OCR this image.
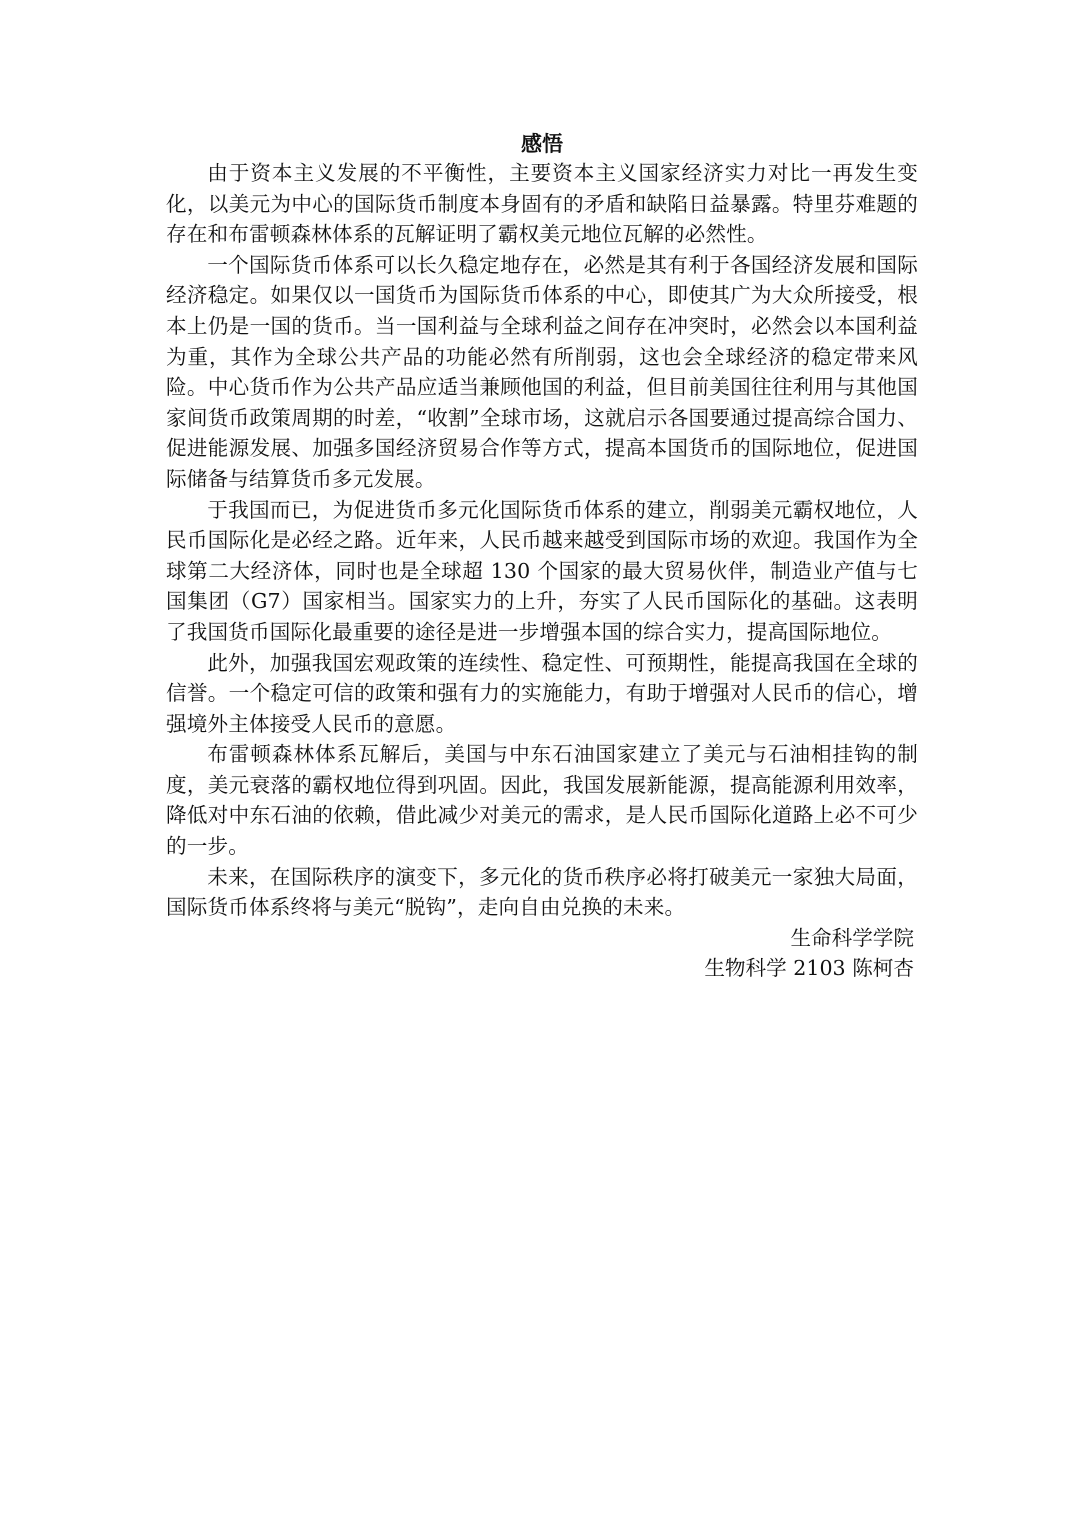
感悟

由于资本主义发展的不平衡性，主要资本主义国家经济实力对比一再发生变化，以美元为中心的国际货币制度本身固有的矛盾和缺陷日益暴露。特里芬难题的存在和布雷顿森林体系的瓦解证明了霸权美元地位瓦解的必然性。

一个国际货币体系可以长久稳定地存在，必然是其有利于各国经济发展和国际经济稳定。如果仅以一国货币为国际货币体系的中心，即使其广为大众所接受，根本上仍是一国的货币。当一国利益与全球利益之间存在冲突时，必然会以本国利益为重，其作为全球公共产品的功能必然有所削弱，这也会全球经济的稳定带来风险。中心货币作为公共产品应适当兼顾他国的利益，但目前美国往往利用与其他国家间货币政策周期的时差，“收割”全球市场，这就启示各国要通过提高综合国力、促进能源发展、加强多国经济贸易合作等方式，提高本国货币的国际地位，促进国际储备与结算货币多元发展。

于我国而已，为促进货币多元化国际货币体系的建立，削弱美元霸权地位，人民币国际化是必经之路。近年来，人民币越来越受到国际市场的欢迎。我国作为全球第二大经济体，同时也是全球超 130 个国家的最大贸易伙伴，制造业产值与七国集团（G7）国家相当。国家实力的上升，夯实了人民币国际化的基础。这表明了我国货币国际化最重要的途径是进一步增强本国的综合实力，提高国际地位。

此外，加强我国宏观政策的连续性、稳定性、可预期性，能提高我国在全球的信誉。一个稳定可信的政策和强有力的实施能力，有助于增强对人民币的信心，增强境外主体接受人民币的意愿。

布雷顿森林体系瓦解后，美国与中东石油国家建立了美元与石油相挂钩的制度，美元衰落的霸权地位得到巩固。因此，我国发展新能源，提高能源利用效率，降低对中东石油的依赖，借此减少对美元的需求，是人民币国际化道路上必不可少的一步。

未来，在国际秩序的演变下，多元化的货币秩序必将打破美元一家独大局面，国际货币体系终将与美元“脱钩”，走向自由兑换的未来。

生命科学学院

生物科学 2103 陈柯杏
